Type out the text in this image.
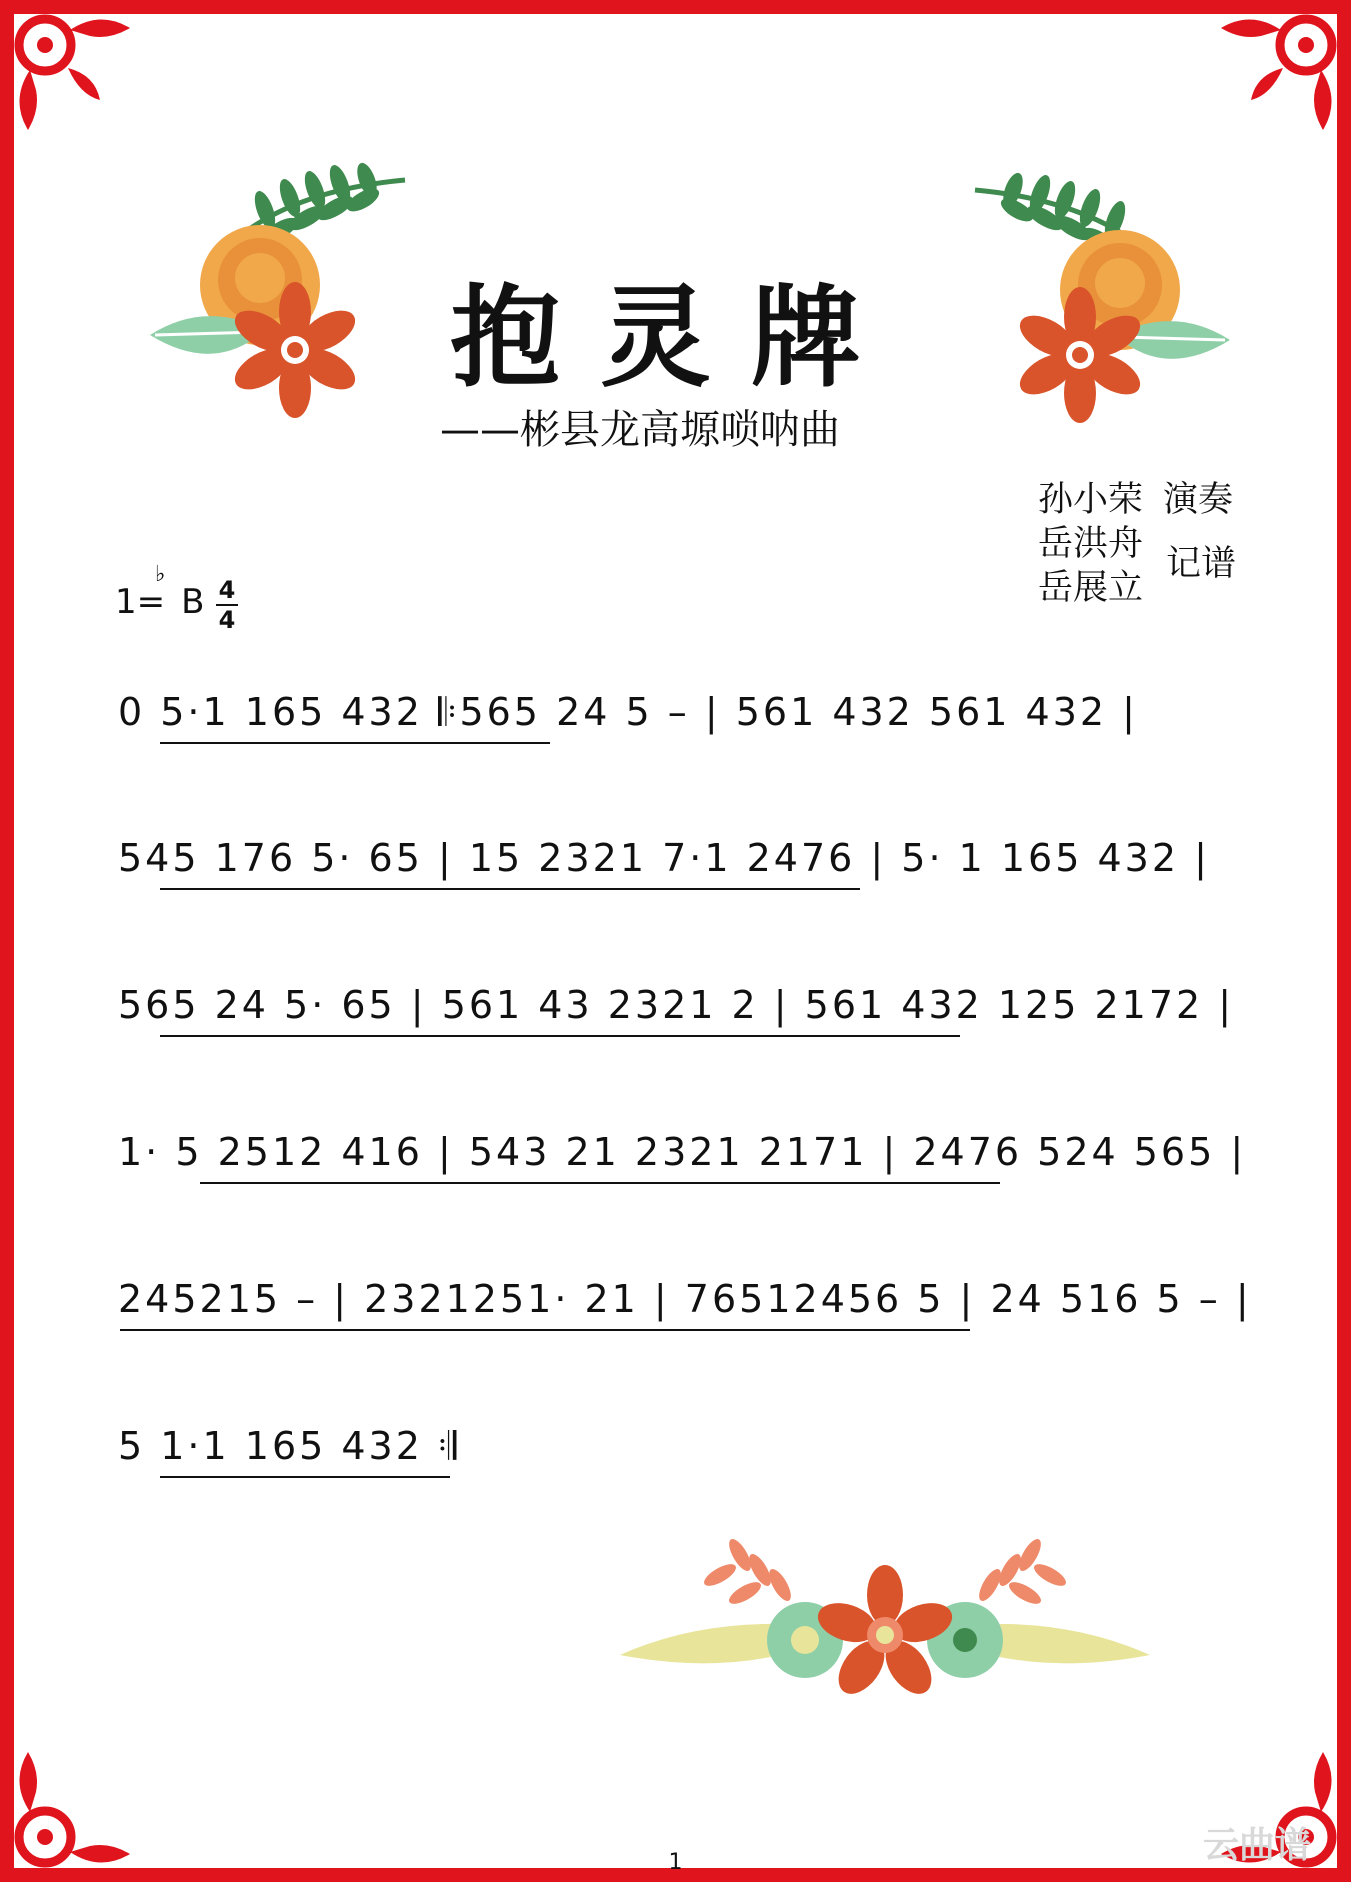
抱灵牌
——彬县龙高塬唢呐曲
孙小荣
岳洪舟
岳展立
演奏
记谱
1=
♭
B 4
4
0 5·1 165 432 𝄆565 24 5 – | 561 432 561 432 |
545 176 5· 65 | 15 2321 7·1 2476 | 5· 1 165 432 |
565 24 5· 65 | 561 43 2321 2 | 561 432 125 2172 |
1· 5 2512 416 | 543 21 2321 2171 | 2476 524 565 |
245215 – | 2321251· 21 | 76512456 5 | 24 516 5 – |
5 1·1 165 432 𝄇
1	云曲谱
